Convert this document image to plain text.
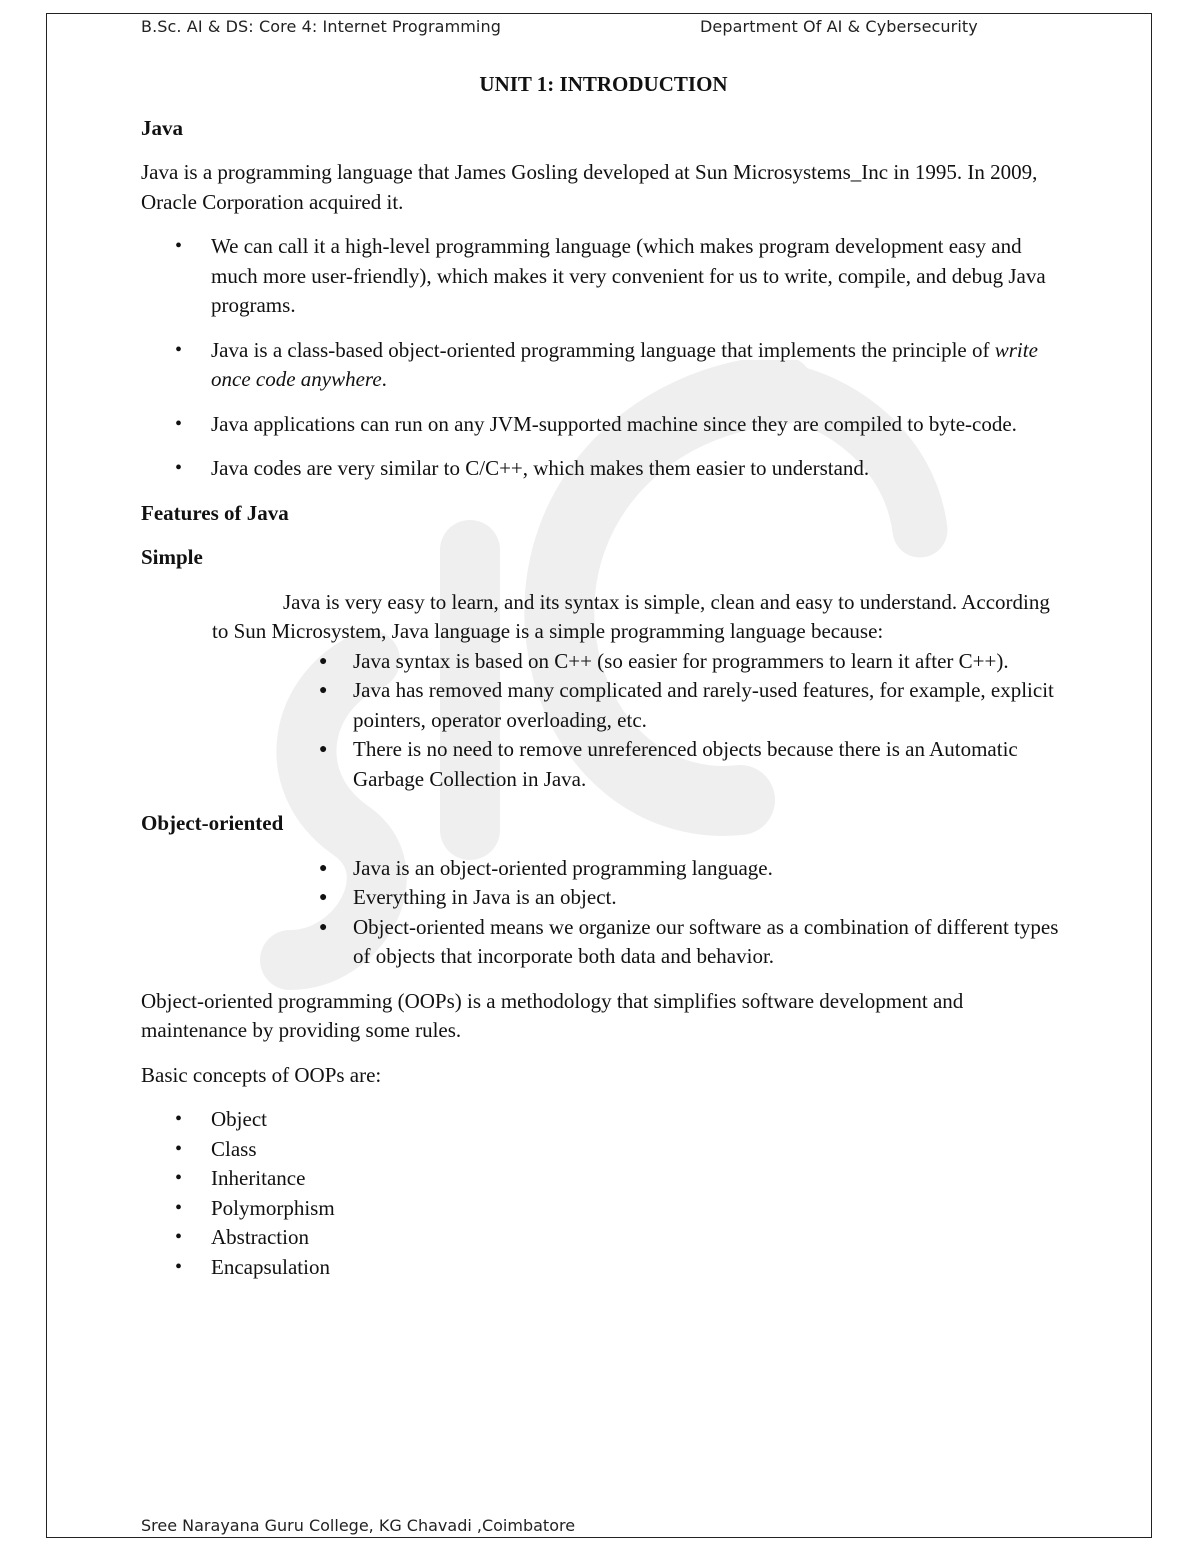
B.Sc. AI & DS: Core 4: Internet Programming	Department Of AI & Cybersecurity
UNIT 1: INTRODUCTION
Java

Java is a programming language that James Gosling developed at Sun Microsystems_Inc in 1995. In 2009, Oracle Corporation acquired it.

• We can call it a high-level programming language (which makes program development easy and much more user-friendly), which makes it very convenient for us to write, compile, and debug Java programs.
• Java is a class-based object-oriented programming language that implements the principle of write once code anywhere.
• Java applications can run on any JVM-supported machine since they are compiled to byte-code.
• Java codes are very similar to C/C++, which makes them easier to understand.
Features of Java
Simple

Java is very easy to learn, and its syntax is simple, clean and easy to understand. According to Sun Microsystem, Java language is a simple programming language because:

● Java syntax is based on C++ (so easier for programmers to learn it after C++).
● Java has removed many complicated and rarely-used features, for example, explicit pointers, operator overloading, etc.
● There is no need to remove unreferenced objects because there is an Automatic Garbage Collection in Java.
Object-oriented
● Java is an object-oriented programming language.
● Everything in Java is an object.
● Object-oriented means we organize our software as a combination of different types of objects that incorporate both data and behavior.

Object-oriented programming (OOPs) is a methodology that simplifies software development and maintenance by providing some rules.

Basic concepts of OOPs are:

• Object
• Class
• Inheritance
• Polymorphism
• Abstraction
• Encapsulation
Sree Narayana Guru College, KG Chavadi ,Coimbatore
